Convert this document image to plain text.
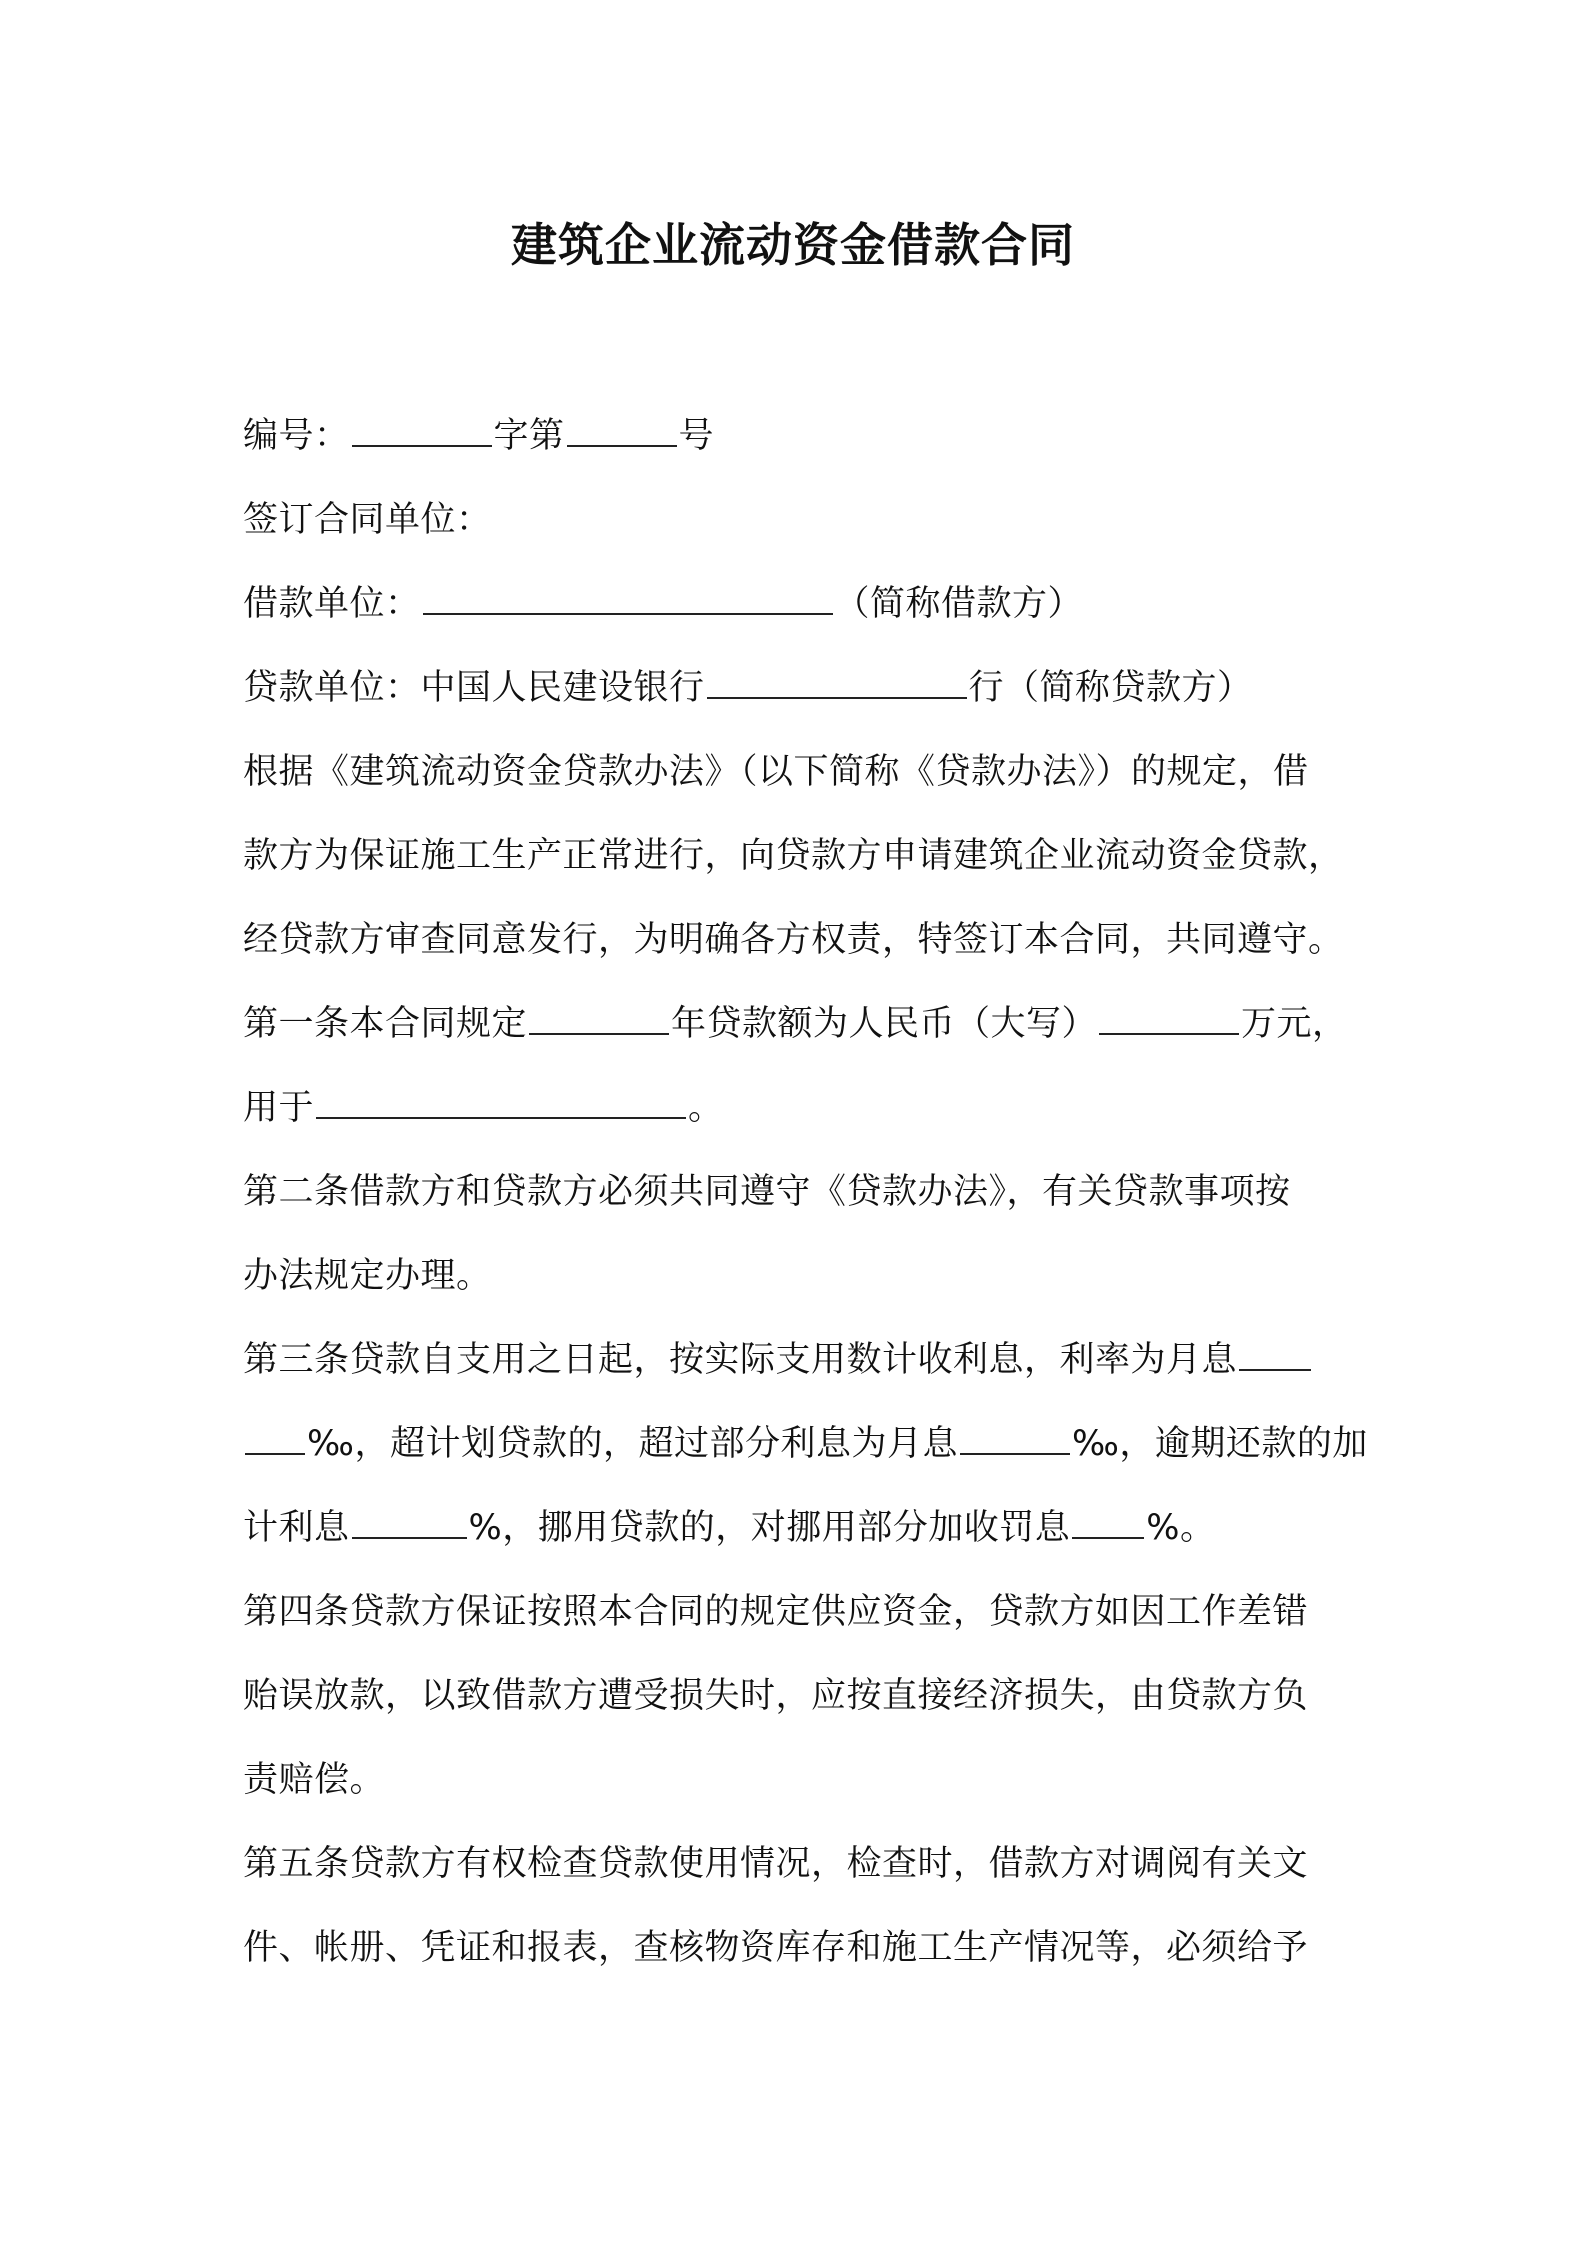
建筑企业流动资金借款合同
编号：	字第	号
签订合同单位：
借款单位：	（简称借款方）
贷款单位：中国人民建设银行	行（简称贷款方）
根据《建筑流动资金贷款办法》（以下简称《贷款办法》）的规定，借
款方为保证施工生产正常进行，向贷款方申请建筑企业流动资金贷款，
经贷款方审查同意发行，为明确各方权责，特签订本合同，共同遵守。
第一条本合同规定	年贷款额为人民币（大写）	万元，
用于	。
第二条借款方和贷款方必须共同遵守《贷款办法》，有关贷款事项按
办法规定办理。
第三条贷款自支用之日起，按实际支用数计收利息，利率为月息
‰，超计划贷款的，超过部分利息为月息	‰，逾期还款的加
计利息	%，挪用贷款的，对挪用部分加收罚息 %。
第四条贷款方保证按照本合同的规定供应资金，贷款方如因工作差错
贻误放款，以致借款方遭受损失时，应按直接经济损失，由贷款方负
责赔偿。
第五条贷款方有权检查贷款使用情况，检查时，借款方对调阅有关文
件、帐册、凭证和报表，查核物资库存和施工生产情况等，必须给予
